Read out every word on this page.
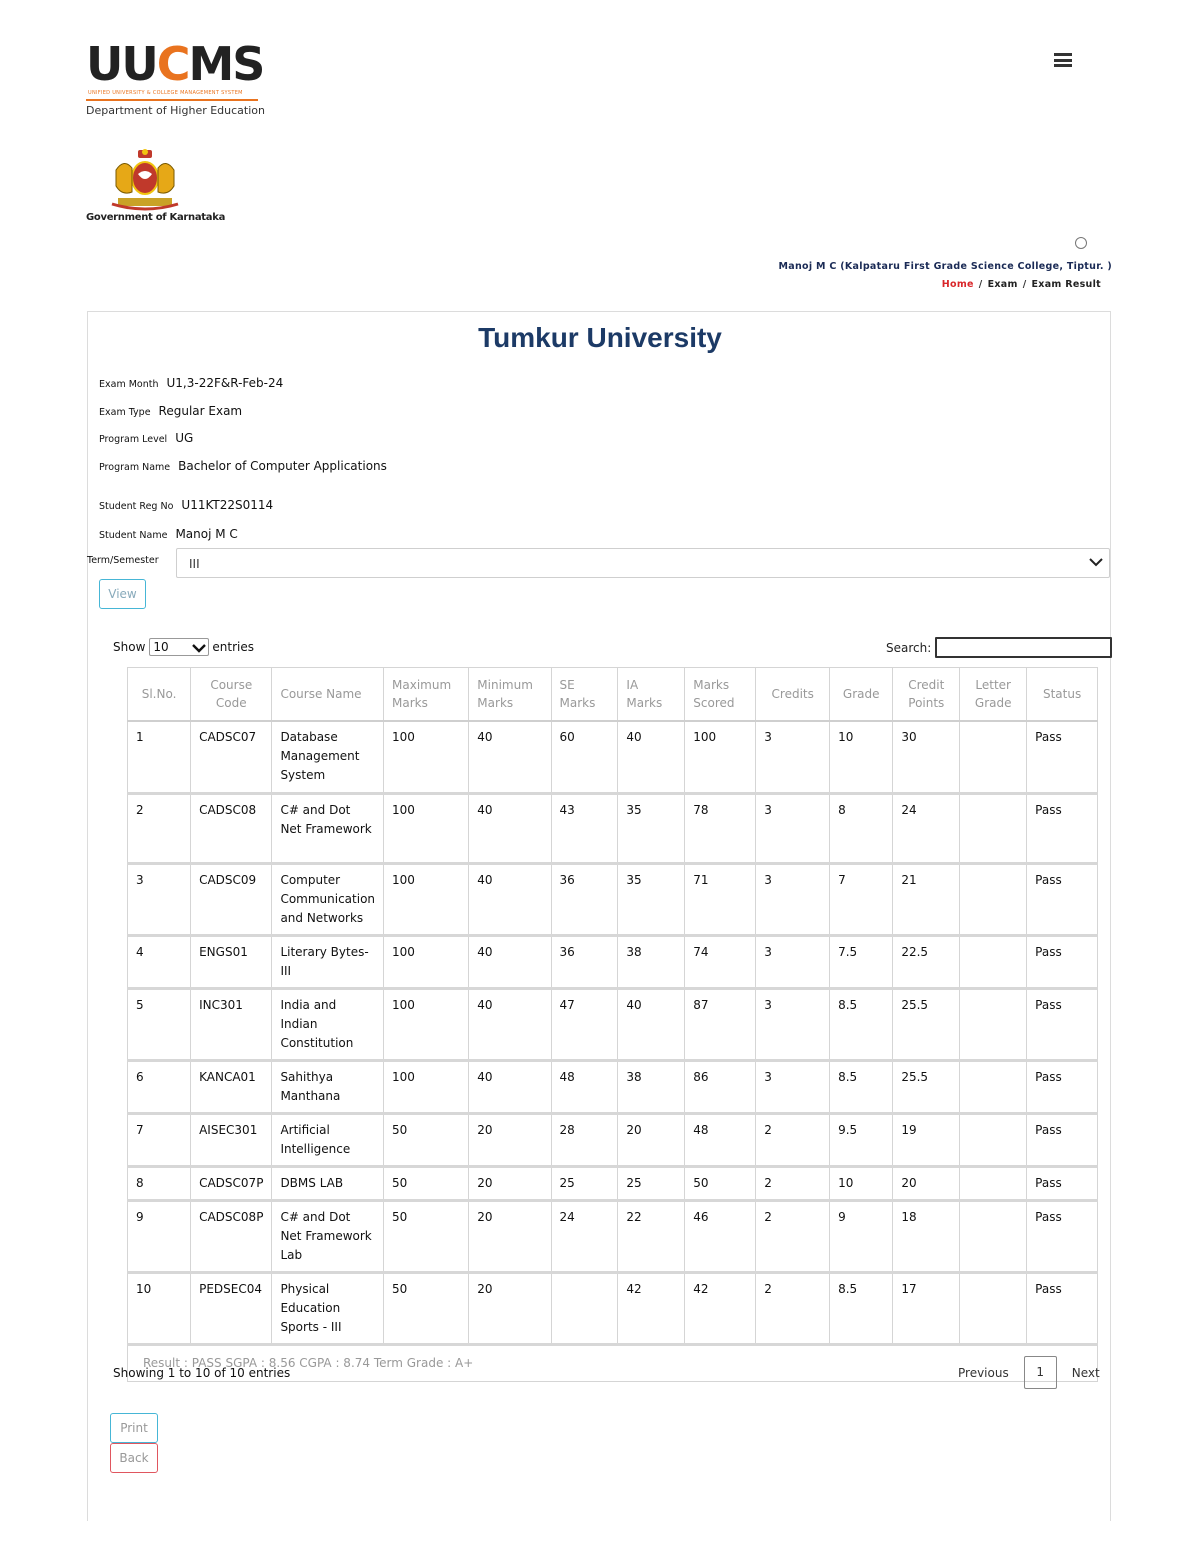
UUCMS
UNIFIED UNIVERSITY & COLLEGE MANAGEMENT SYSTEM
Department of Higher Education
Government of Karnataka
Manoj M C (Kalpataru First Grade Science College, Tiptur. )
Home / Exam / Exam Result
Tumkur University
Exam Month U1,3-22F&R-Feb-24
Exam Type Regular Exam
Program Level UG
Program Name Bachelor of Computer Applications
Student Reg No U11KT22S0114
Student Name Manoj M C
Term/Semester	III
View
Show 10	entries	Search:
Sl.No.	Course Code	Course Name	Maximum Marks	Minimum Marks	SE Marks	IA Marks	Marks Scored	Credits	Grade	Credit Points	Letter Grade	Status
1	CADSC07	Database Management System	100	40	60	40	100	3	10	30		Pass
2	CADSC08	C# and Dot Net Framework	100	40	43	35	78	3	8	24		Pass
3	CADSC09	Computer Communication and Networks	100	40	36	35	71	3	7	21		Pass
4	ENGS01	Literary Bytes- III	100	40	36	38	74	3	7.5	22.5		Pass
5	INC301	India and Indian Constitution	100	40	47	40	87	3	8.5	25.5		Pass
6	KANCA01	Sahithya Manthana	100	40	48	38	86	3	8.5	25.5		Pass
7	AISEC301	Artificial Intelligence	50	20	28	20	48	2	9.5	19		Pass
8	CADSC07P	DBMS LAB	50	20	25	25	50	2	10	20		Pass
9	CADSC08P	C# and Dot Net Framework Lab	50	20	24	22	46	2	9	18		Pass
10	PEDSEC04	Physical Education Sports - III	50	20		42	42	2	8.5	17		Pass
Result : PASS SGPA : 8.56 CGPA : 8.74 Term Grade : A+												
Showing 1 to 10 of 10 entries	Previous	1	Next
Print
Back
